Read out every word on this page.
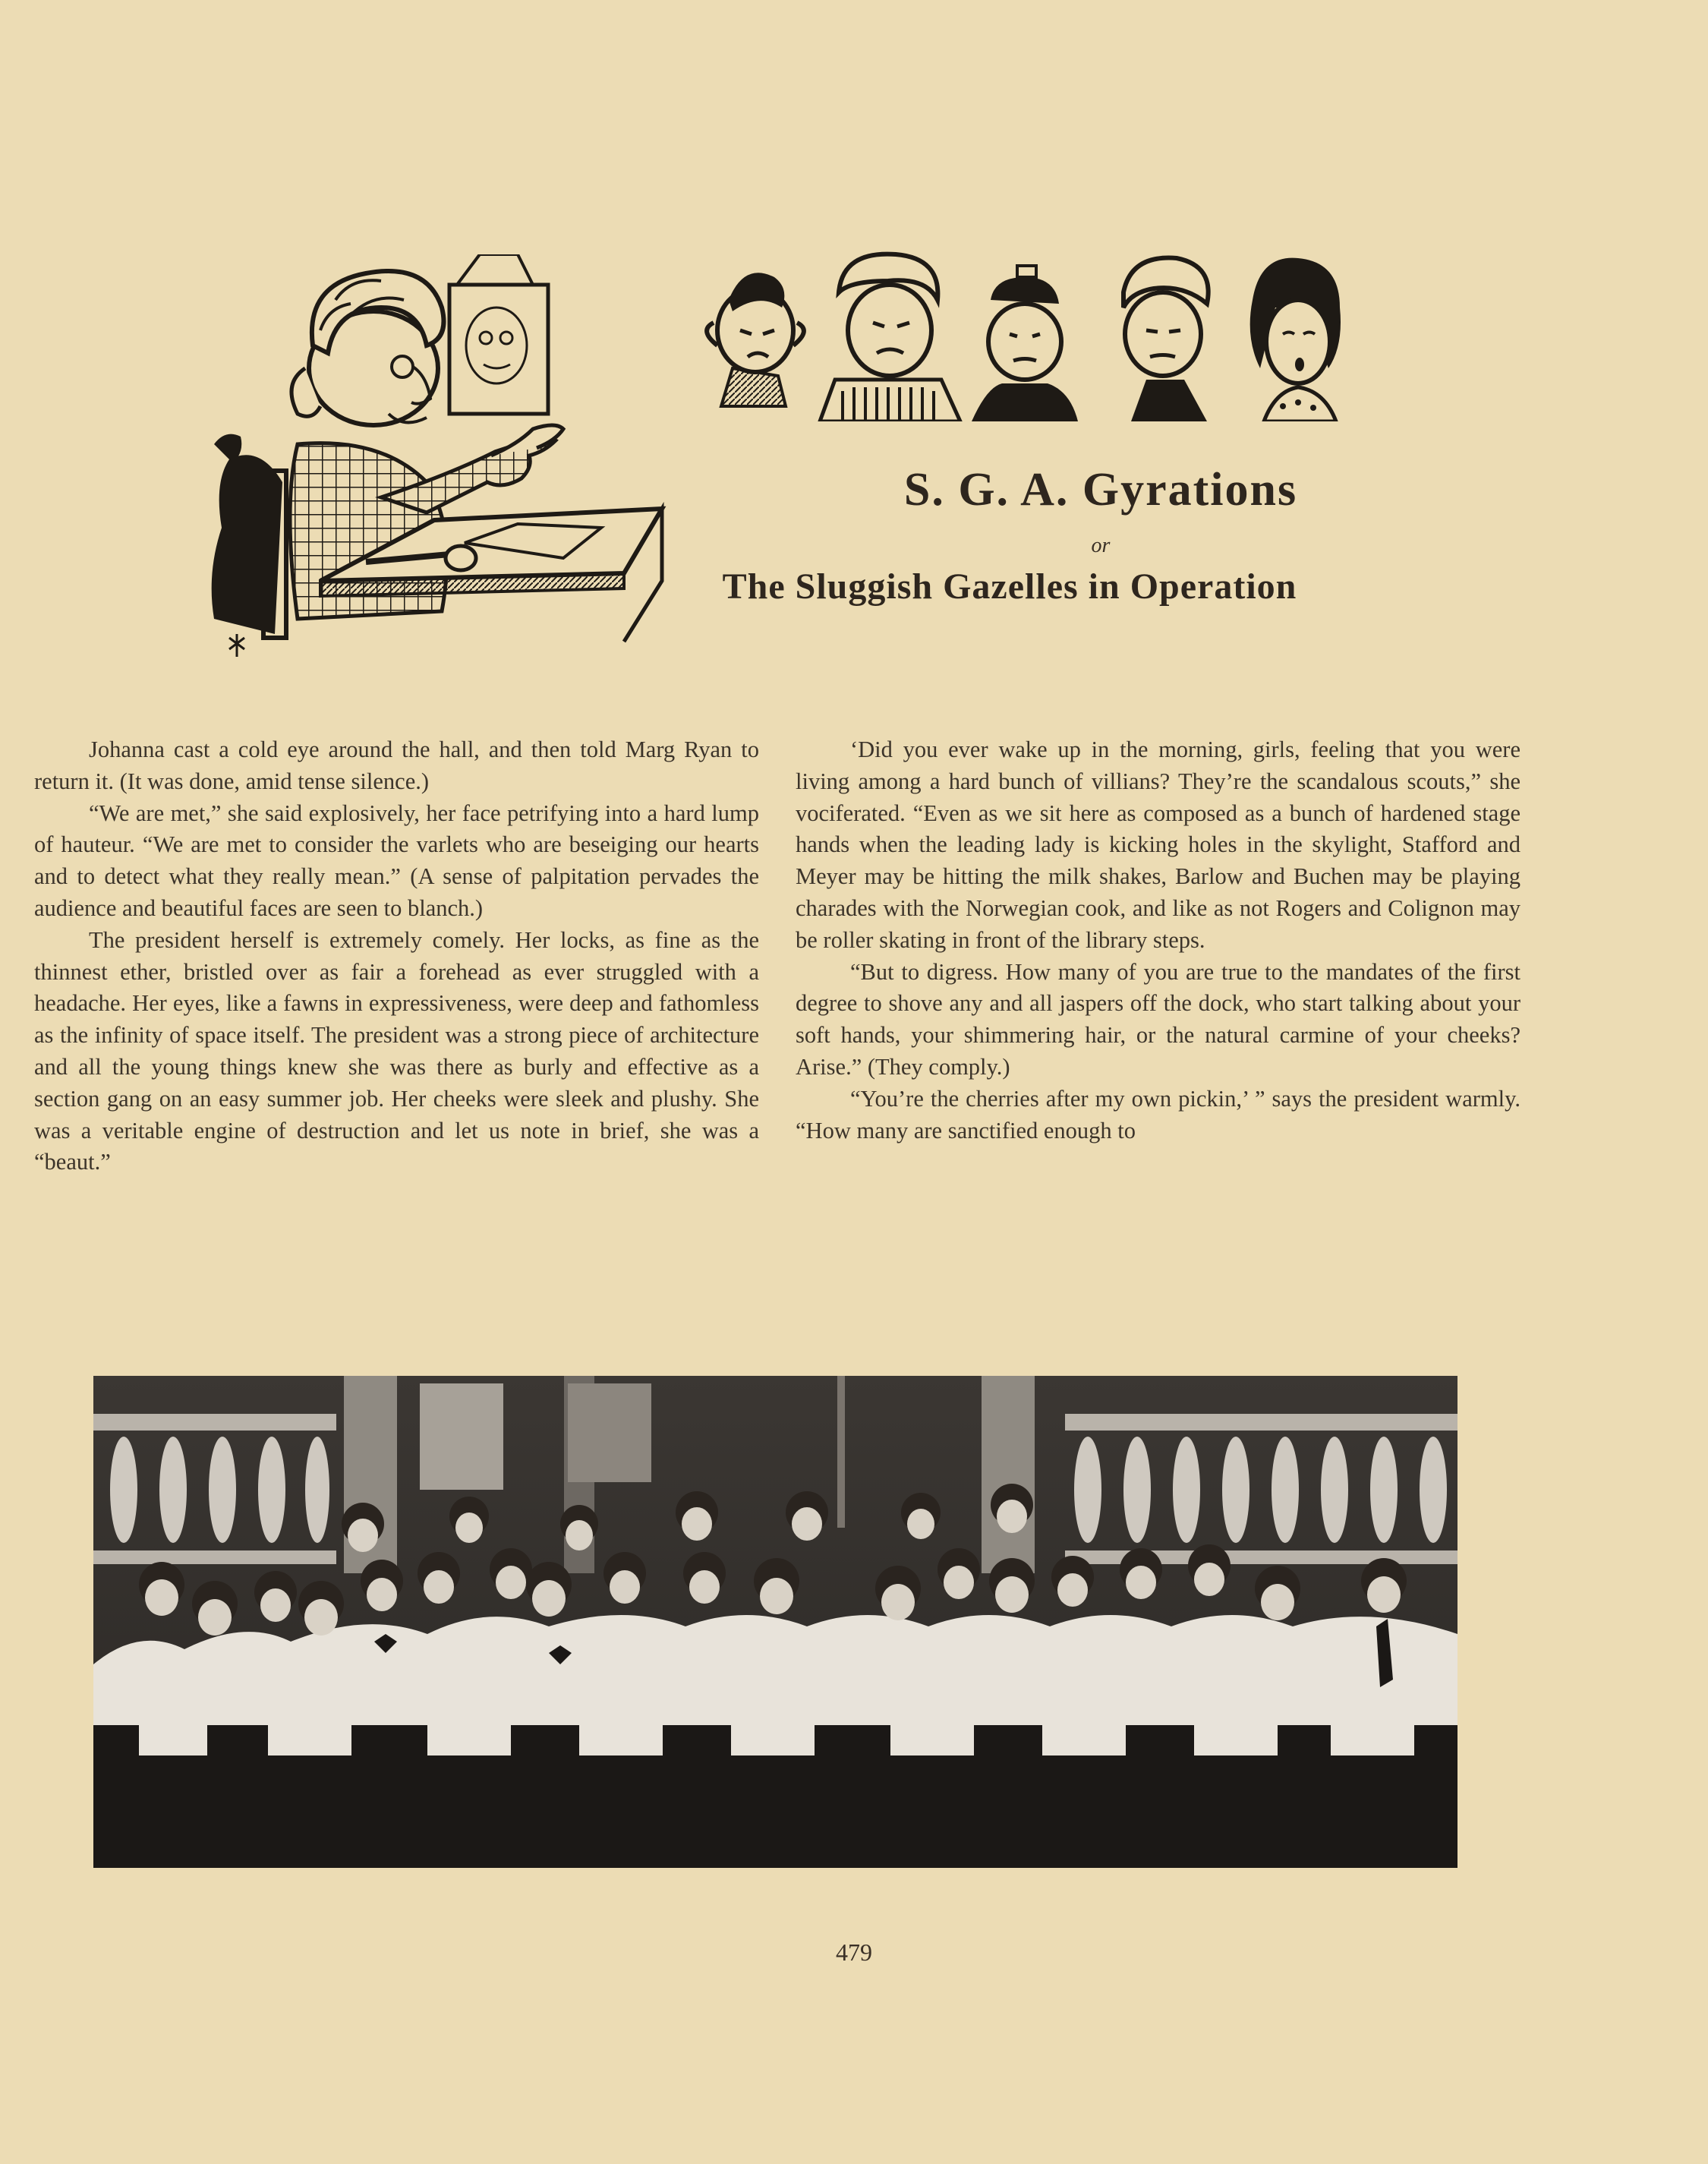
S. G. A. Gyrations
or
The Sluggish Gazelles in Operation

Johanna cast a cold eye around the hall, and then told Marg Ryan to return it. (It was done, amid tense silence.)

“We are met,” she said explosively, her face petrifying into a hard lump of hauteur. “We are met to consider the varlets who are beseiging our hearts and to detect what they really mean.” (A sense of palpitation pervades the audience and beautiful faces are seen to blanch.)

The president herself is extremely comely. Her locks, as fine as the thinnest ether, bristled over as fair a forehead as ever struggled with a headache. Her eyes, like a fawns in expressiveness, were deep and fathomless as the infinity of space itself. The president was a strong piece of architecture and all the young things knew she was there as burly and effective as a section gang on an easy summer job. Her cheeks were sleek and plushy. She was a veritable engine of destruction and let us note in brief, she was a “beaut.”

‘Did you ever wake up in the morning, girls, feeling that you were living among a hard bunch of villians? They’re the scandalous scouts,” she vociferated. “Even as we sit here as composed as a bunch of hardened stage hands when the leading lady is kicking holes in the skylight, Stafford and Meyer may be hitting the milk shakes, Barlow and Buchen may be playing charades with the Norwegian cook, and like as not Rogers and Colignon may be roller skating in front of the library steps.

“But to digress. How many of you are true to the mandates of the first degree to shove any and all jaspers off the dock, who start talking about your soft hands, your shimmering hair, or the natural carmine of your cheeks? Arise.” (They comply.)

“You’re the cherries after my own pickin,’ ” says the president warmly. “How many are sanctified enough to

479
